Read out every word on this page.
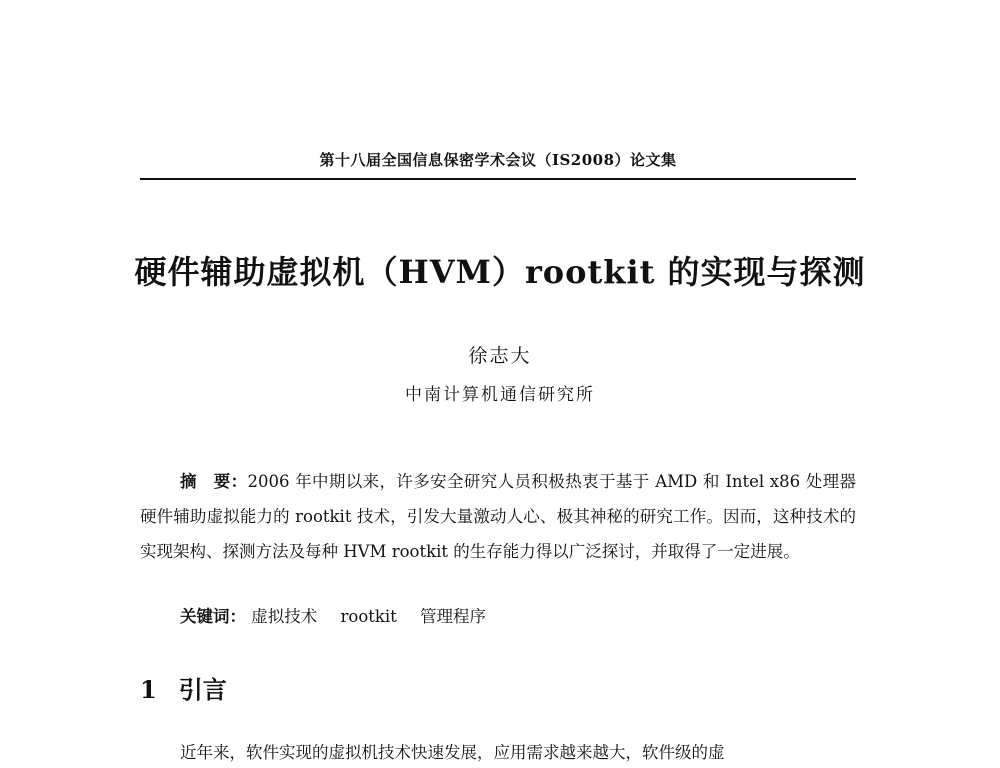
第十八届全国信息保密学术会议（IS2008）论文集
硬件辅助虚拟机（HVM）rootkit 的实现与探测
徐志大
中南计算机通信研究所

摘　要：2006 年中期以来，许多安全研究人员积极热衷于基于 AMD 和 Intel x86 处理器硬件辅助虚拟能力的 rootkit 技术，引发大量激动人心、极其神秘的研究工作。因而，这种技术的实现架构、探测方法及每种 HVM rootkit 的生存能力得以广泛探讨，并取得了一定进展。

关键词： 虚拟技术 rootkit 管理程序
1 引言
近年来，软件实现的虚拟机技术快速发展，应用需求越来越大，软件级的虚
